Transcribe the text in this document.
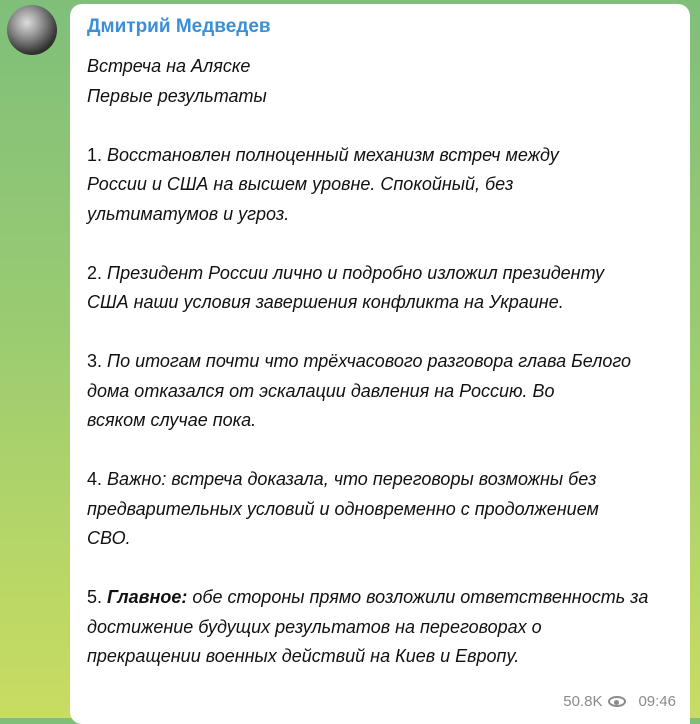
Дмитрий Медведев
Встреча на Аляске
Первые результаты
1. Восстановлен полноценный механизм встреч между
России и США на высшем уровне. Спокойный, без
ультиматумов и угроз.
2. Президент России лично и подробно изложил президенту
США наши условия завершения конфликта на Украине.
3. По итогам почти что трёхчасового разговора глава Белого
дома отказался от эскалации давления на Россию. Во
всяком случае пока.
4. Важно: встреча доказала, что переговоры возможны без
предварительных условий и одновременно с продолжением
СВО.
5. Главное: обе стороны прямо возложили ответственность за
достижение будущих результатов на переговорах о
прекращении военных действий на Киев и Европу.
50.8K 09:46
